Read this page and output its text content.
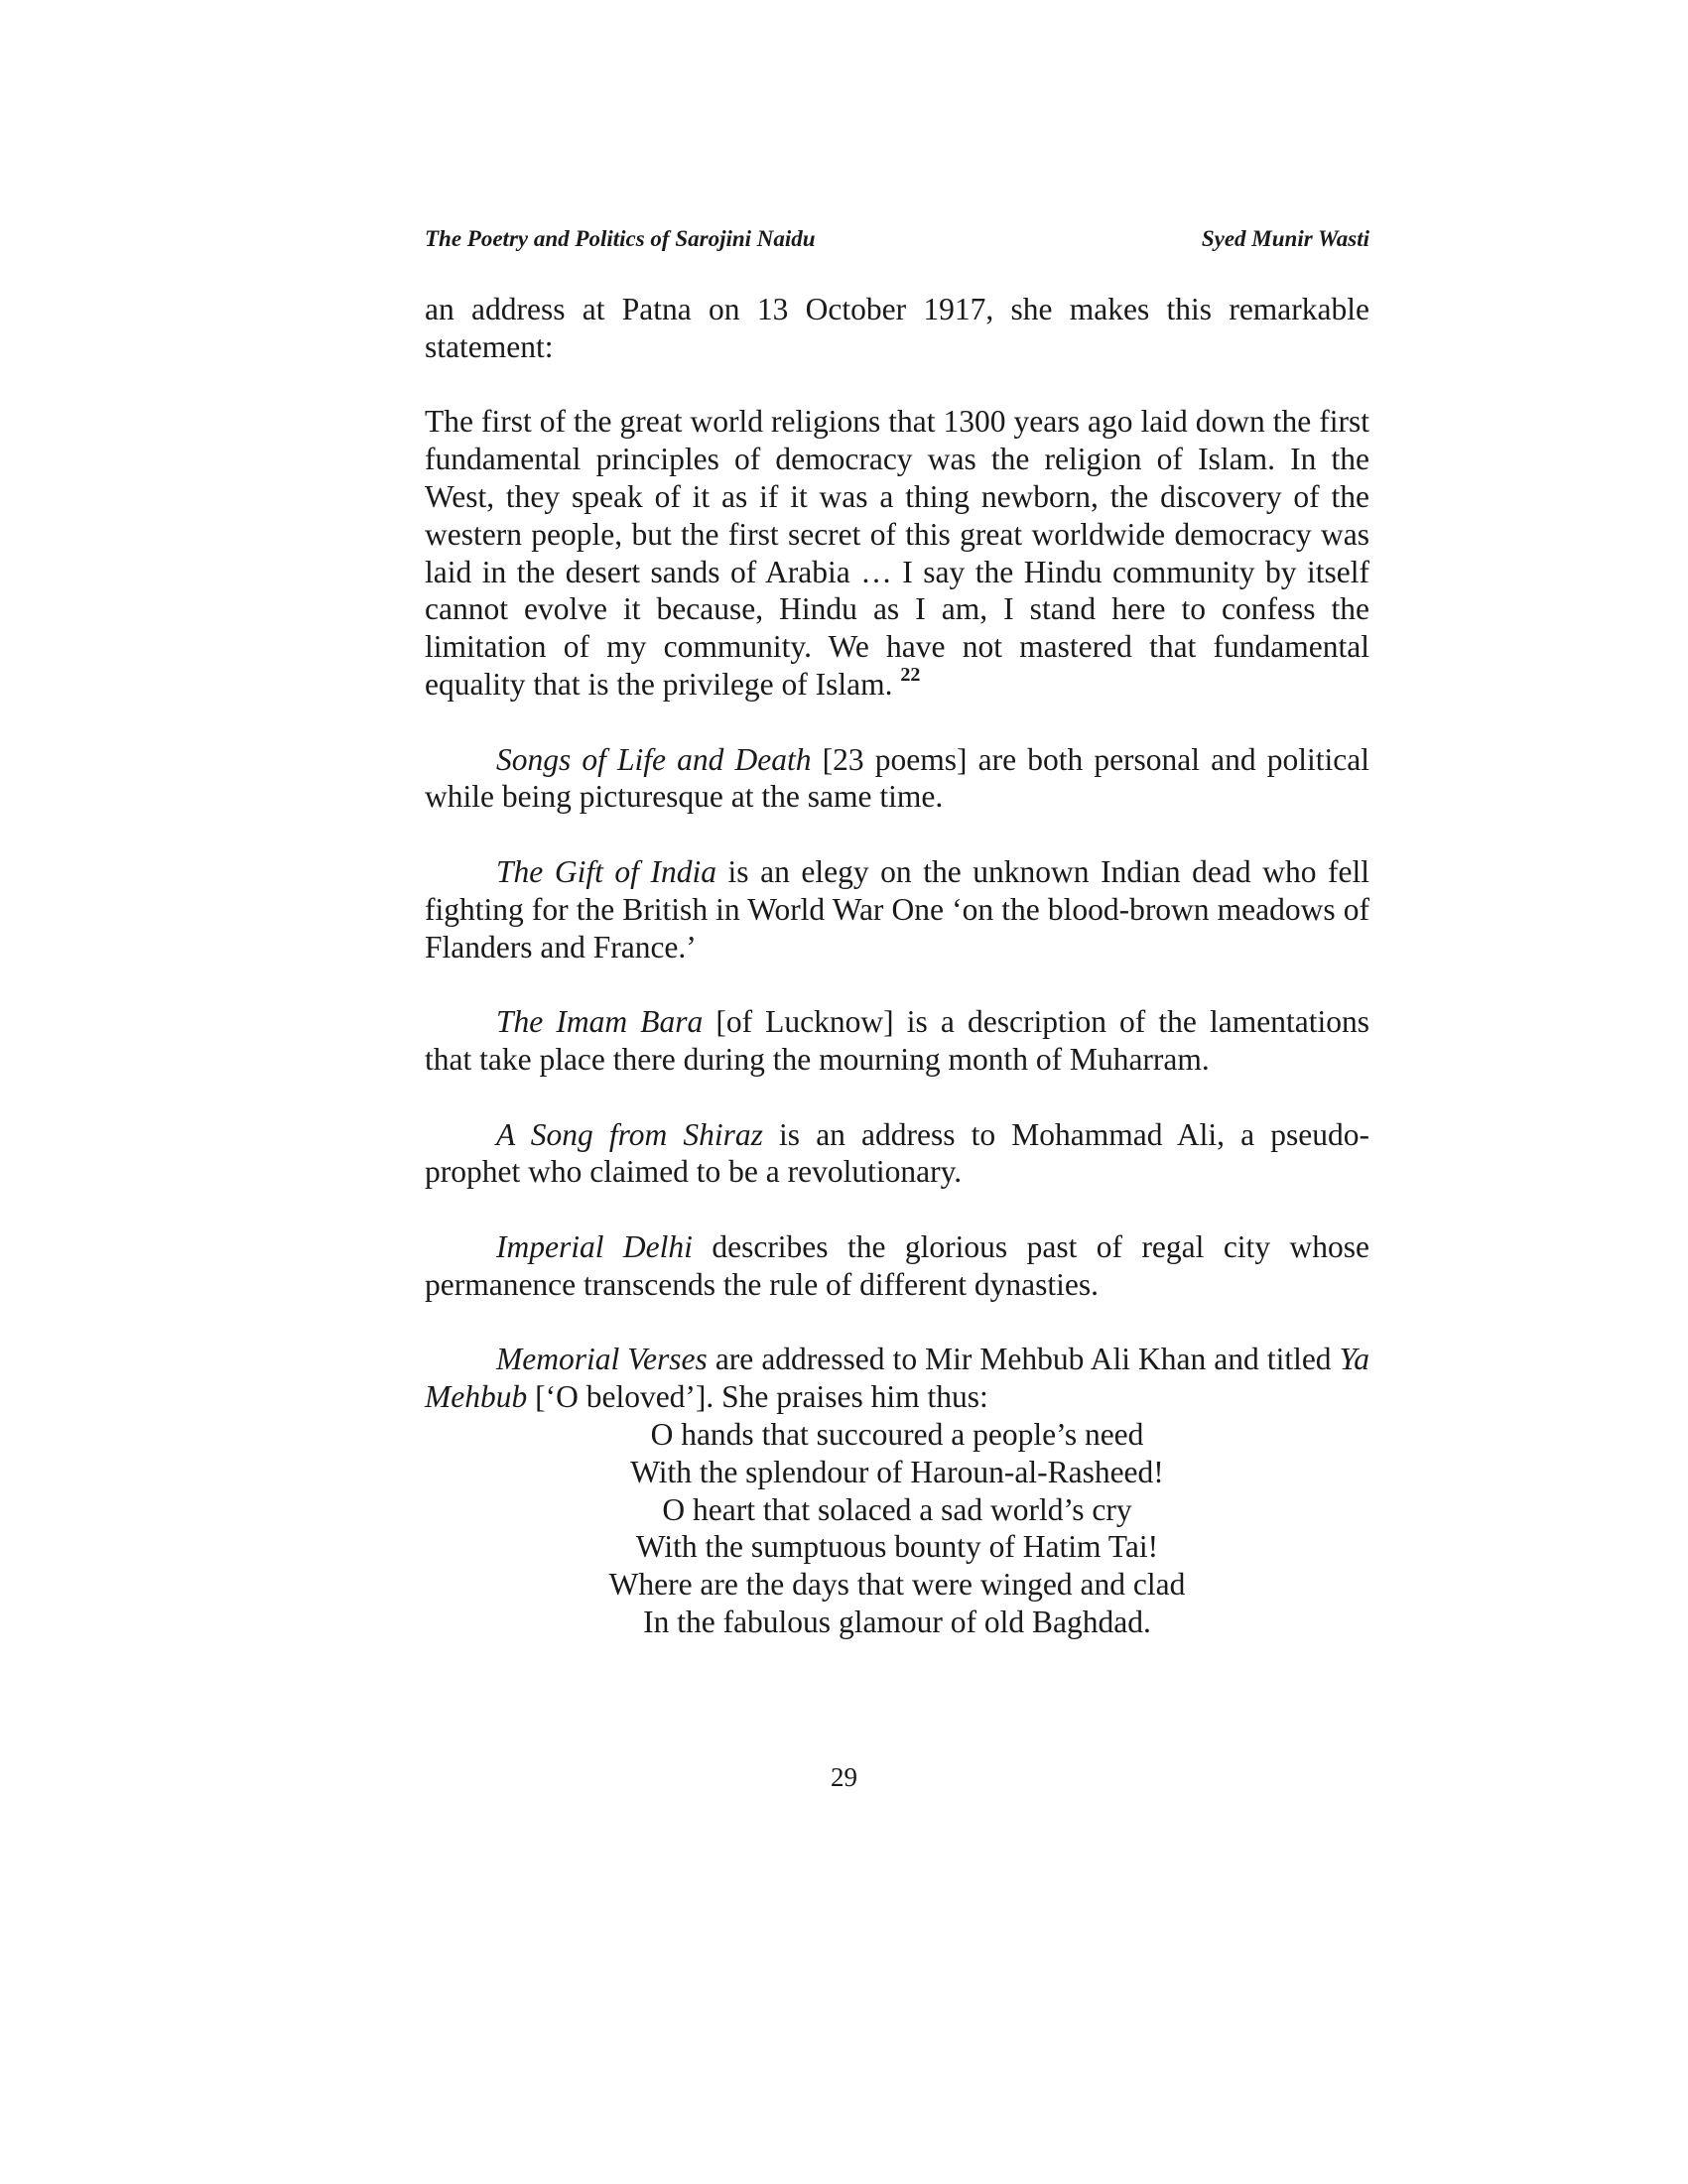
The Poetry and Politics of Sarojini Naidu	Syed Munir Wasti

an address at Patna on 13 October 1917, she makes this remarkable statement:

The first of the great world religions that 1300 years ago laid down the first fundamental principles of democracy was the religion of Islam. In the West, they speak of it as if it was a thing newborn, the discovery of the western people, but the first secret of this great worldwide democracy was laid in the desert sands of Arabia … I say the Hindu community by itself cannot evolve it because, Hindu as I am, I stand here to confess the limitation of my community. We have not mastered that fundamental equality that is the privilege of Islam. $^{22}$

Songs of Life and Death [23 poems] are both personal and political while being picturesque at the same time.

The Gift of India is an elegy on the unknown Indian dead who fell fighting for the British in World War One ‘on the blood-brown meadows of Flanders and France.’

The Imam Bara [of Lucknow] is a description of the lamentations that take place there during the mourning month of Muharram.

A Song from Shiraz is an address to Mohammad Ali, a pseudo-prophet who claimed to be a revolutionary.

Imperial Delhi describes the glorious past of regal city whose permanence transcends the rule of different dynasties.

Memorial Verses are addressed to Mir Mehbub Ali Khan and titled Ya Mehbub [‘O beloved’]. She praises him thus:

O hands that succoured a people’s need
With the splendour of Haroun-al-Rasheed!
O heart that solaced a sad world’s cry
With the sumptuous bounty of Hatim Tai!
Where are the days that were winged and clad
In the fabulous glamour of old Baghdad.
29
